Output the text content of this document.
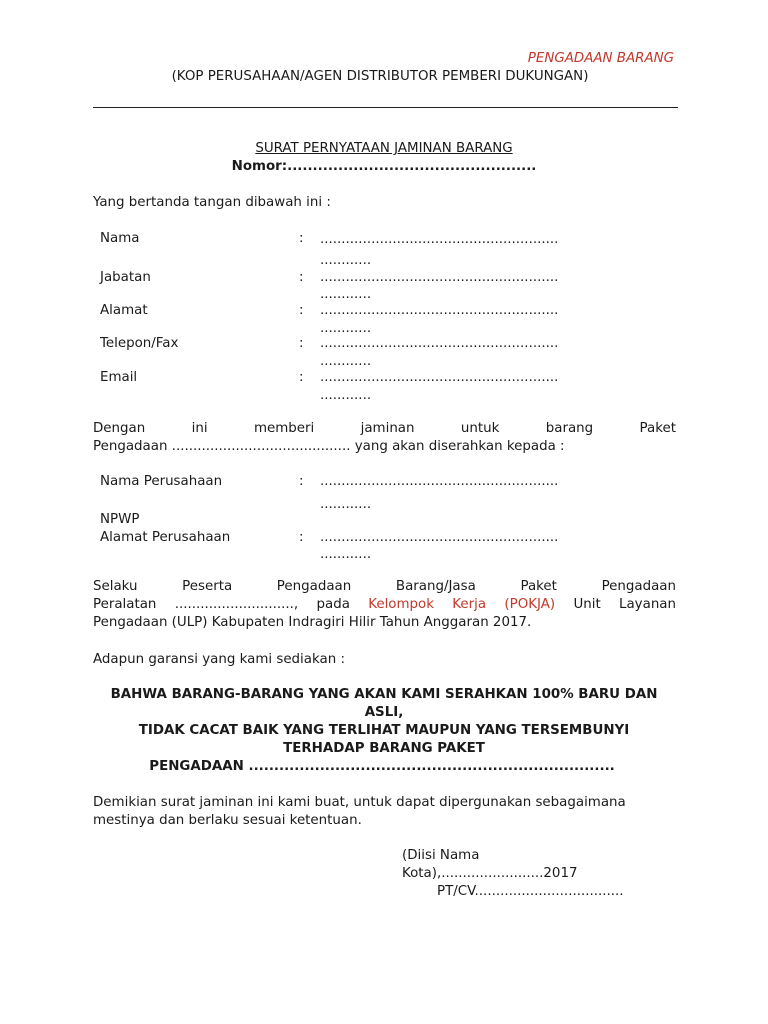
PENGADAAN BARANG
(KOP PERUSAHAAN/AGEN DISTRIBUTOR PEMBERI DUKUNGAN)
SURAT PERNYATAAN JAMINAN BARANG
Nomor:.................................................
Yang bertanda tangan dibawah ini :
Nama	: ........................................................
............
Jabatan	: ........................................................
............
Alamat	: ........................................................
............
Telepon/Fax	: ........................................................
............
Email	: ........................................................
............
Dengan ini memberi jaminan untuk barang Paket
Pengadaan .......................................... yang akan diserahkan kepada :
Nama Perusahaan	: ........................................................
............
NPWP
Alamat Perusahaan	: ........................................................
............
Selaku Peserta Pengadaan Barang/Jasa Paket Pengadaan
Peralatan ............................, pada Kelompok Kerja (POKJA) Unit Layanan
Pengadaan (ULP) Kabupaten Indragiri Hilir Tahun Anggaran 2017.
Adapun garansi yang kami sediakan :
BAHWA BARANG-BARANG YANG AKAN KAMI SERAHKAN 100% BARU DAN
ASLI,
TIDAK CACAT BAIK YANG TERLIHAT MAUPUN YANG TERSEMBUNYI
TERHADAP BARANG PAKET
PENGADAAN ........................................................................
Demikian surat jaminan ini kami buat, untuk dapat dipergunakan sebagaimana
mestinya dan berlaku sesuai ketentuan.
(Diisi Nama
Kota),........................2017
PT/CV...................................
